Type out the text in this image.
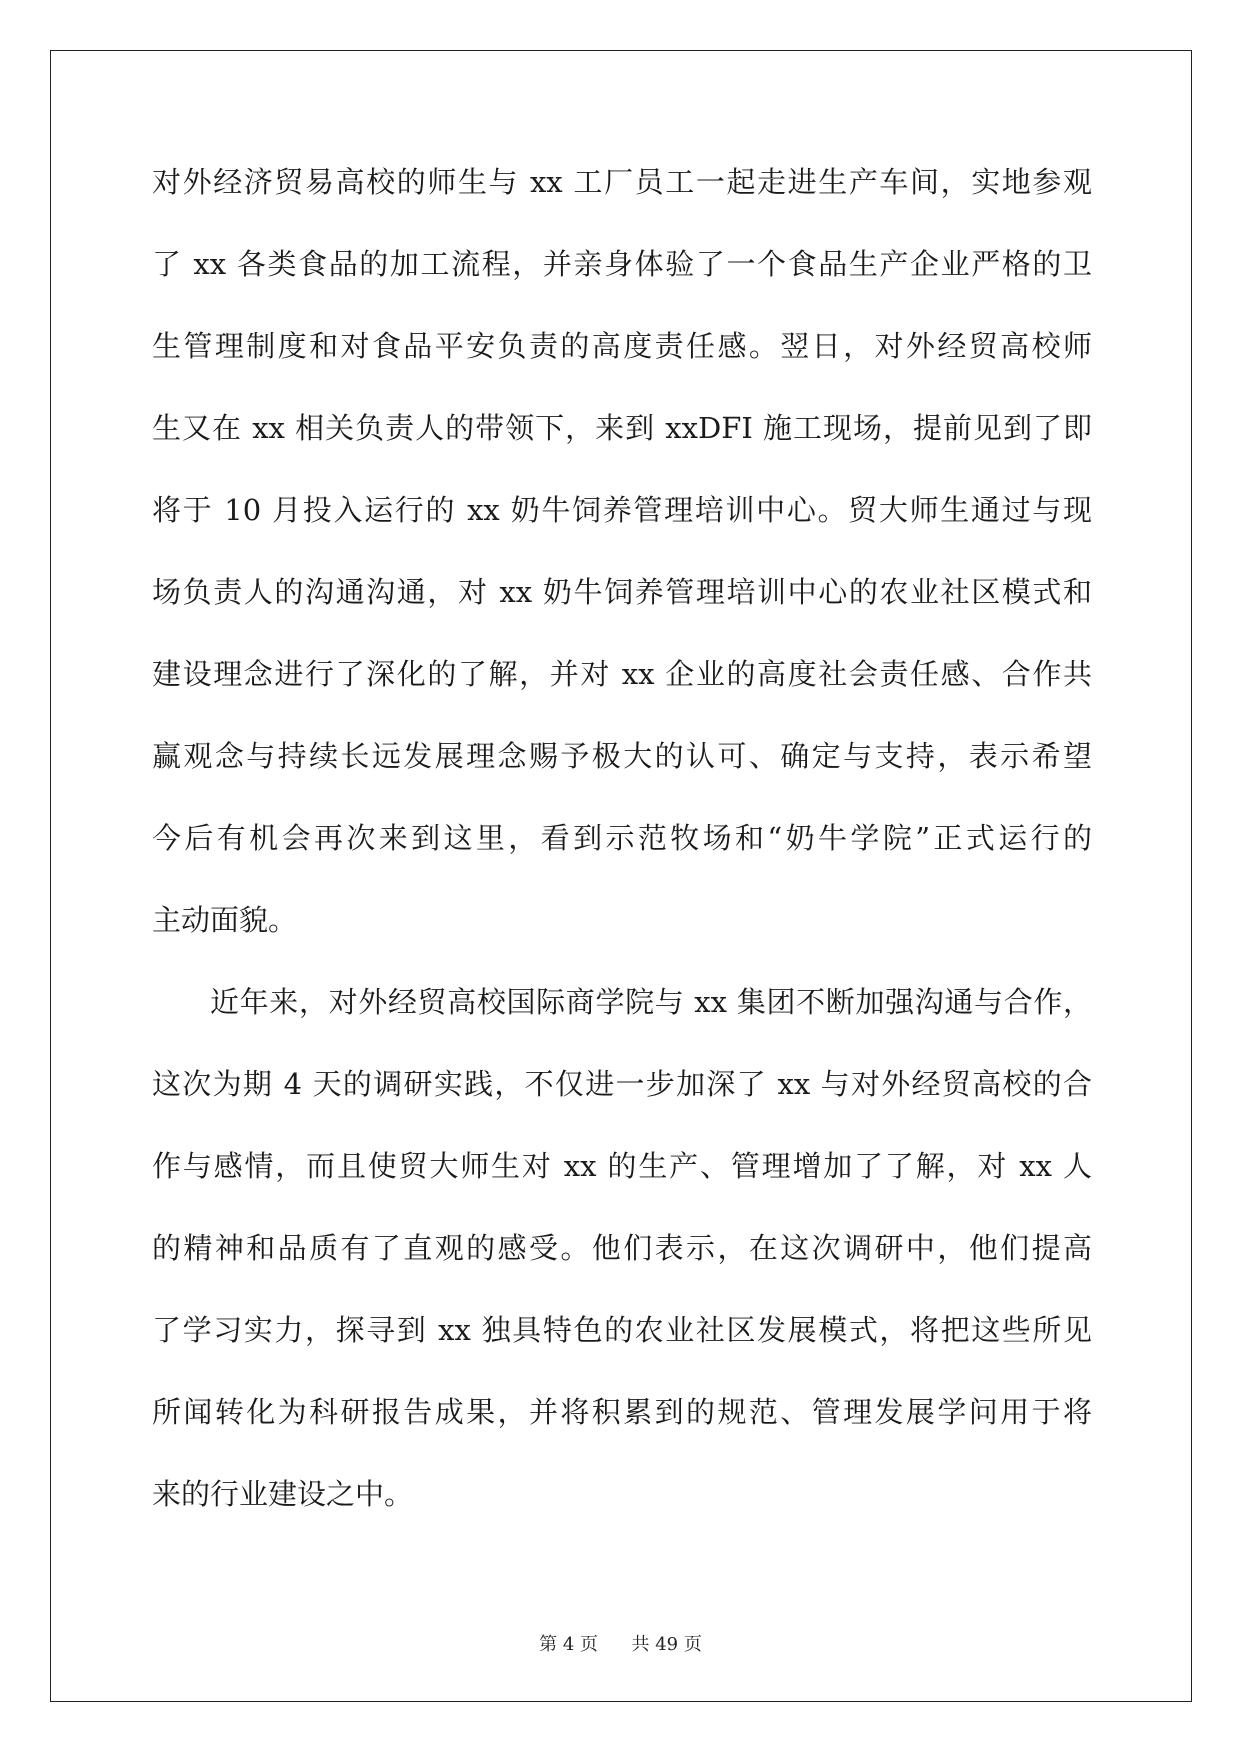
对外经济贸易高校的师生与 xx 工厂员工一起走进生产车间，实地参观
了 xx 各类食品的加工流程，并亲身体验了一个食品生产企业严格的卫
生管理制度和对食品平安负责的高度责任感。翌日，对外经贸高校师
生又在 xx 相关负责人的带领下，来到 xxDFI 施工现场，提前见到了即
将于 10 月投入运行的 xx 奶牛饲养管理培训中心。贸大师生通过与现
场负责人的沟通沟通，对 xx 奶牛饲养管理培训中心的农业社区模式和
建设理念进行了深化的了解，并对 xx 企业的高度社会责任感、合作共
赢观念与持续长远发展理念赐予极大的认可、确定与支持，表示希望
今后有机会再次来到这里，看到示范牧场和“奶牛学院”正式运行的
主动面貌。
近年来，对外经贸高校国际商学院与 xx 集团不断加强沟通与合作，
这次为期 4 天的调研实践，不仅进一步加深了 xx 与对外经贸高校的合
作与感情，而且使贸大师生对 xx 的生产、管理增加了了解，对 xx 人
的精神和品质有了直观的感受。他们表示，在这次调研中，他们提高
了学习实力，探寻到 xx 独具特色的农业社区发展模式，将把这些所见
所闻转化为科研报告成果，并将积累到的规范、管理发展学问用于将
来的行业建设之中。
第 4 页 共 49 页
